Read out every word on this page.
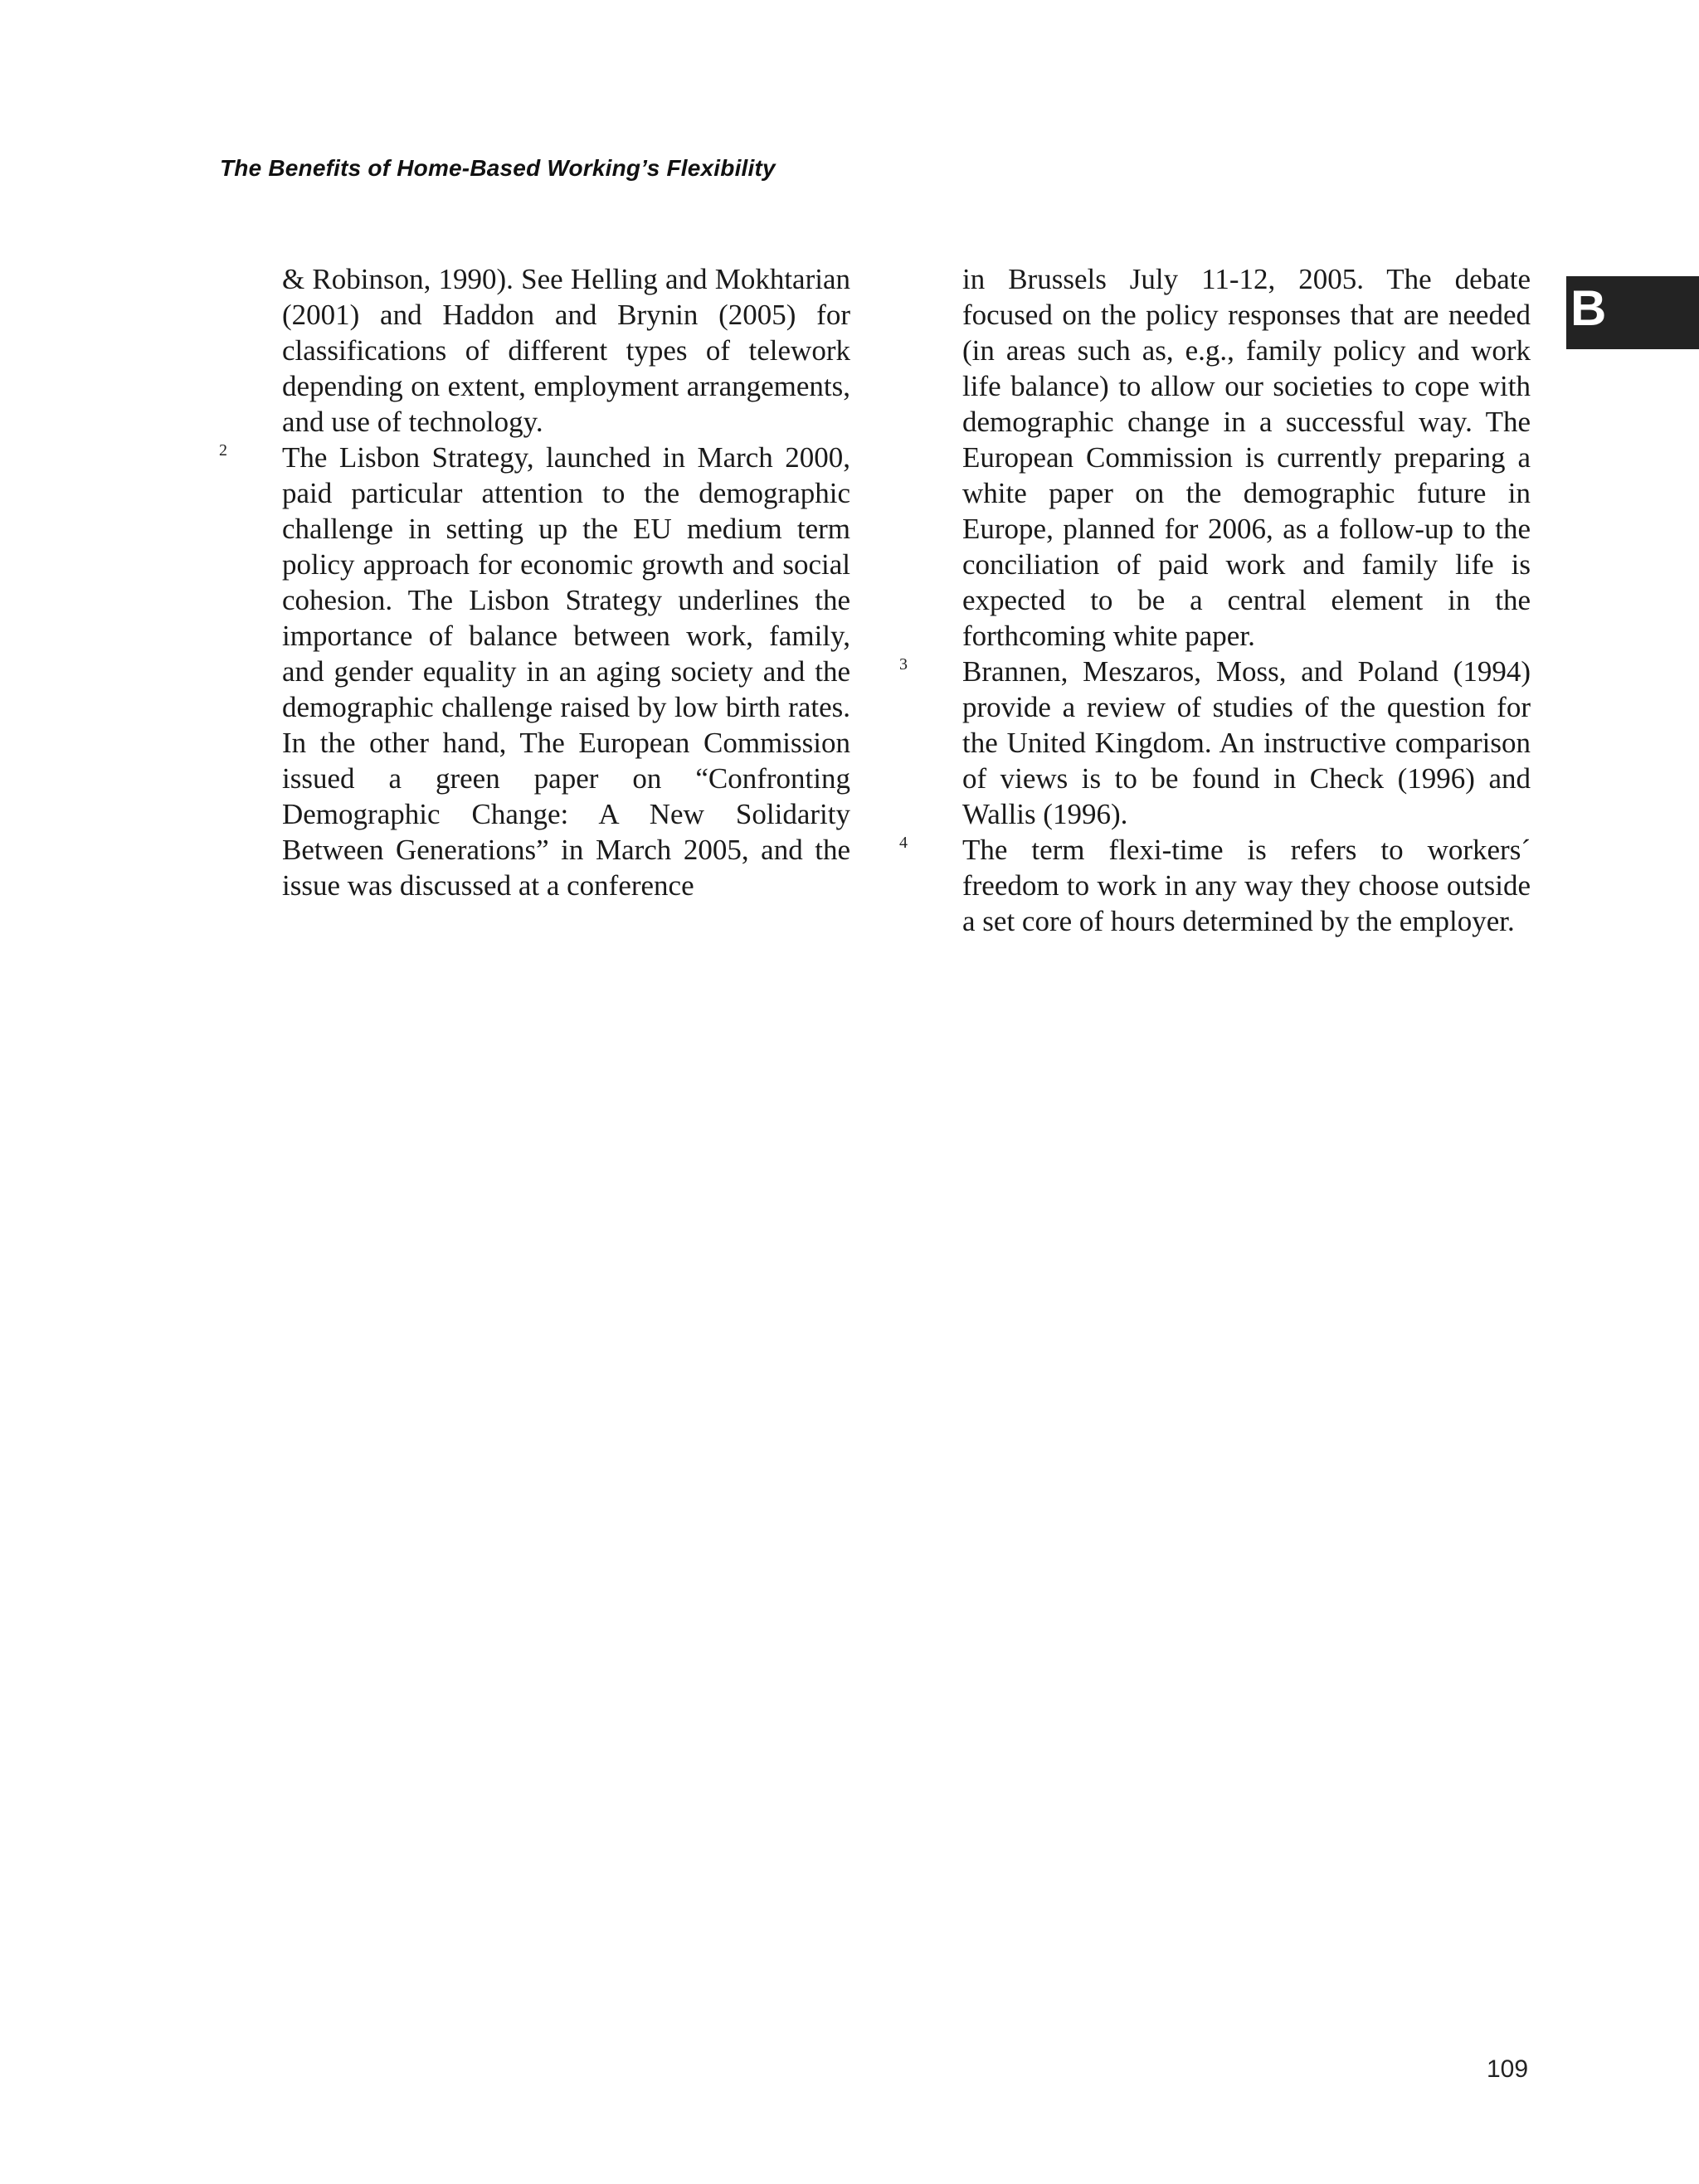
The Benefits of Home-Based Working’s Flexibility
B
& Robinson, 1990). See Helling and Mokhtarian (2001) and Haddon and Brynin (2005) for classifications of different types of telework depending on extent, employment arrangements, and use of technology.
2 The Lisbon Strategy, launched in March 2000, paid particular attention to the demographic challenge in setting up the EU medium term policy approach for economic growth and social cohesion. The Lisbon Strategy underlines the importance of balance between work, family, and gender equality in an aging society and the demographic challenge raised by low birth rates. In the other hand, The European Commission issued a green paper on “Confronting Demographic Change: A New Solidarity Between Generations” in March 2005, and the issue was discussed at a conference
in Brussels July 11-12, 2005. The debate focused on the policy responses that are needed (in areas such as, e.g., family policy and work life balance) to allow our societies to cope with demographic change in a successful way. The European Commission is currently preparing a white paper on the demographic future in Europe, planned for 2006, as a follow-up to the conciliation of paid work and family life is expected to be a central element in the forthcoming white paper.
3 Brannen, Meszaros, Moss, and Poland (1994) provide a review of studies of the question for the United Kingdom. An instructive comparison of views is to be found in Check (1996) and Wallis (1996).
4 The term flexi-time is refers to workers´ freedom to work in any way they choose outside a set core of hours determined by the employer.
109
